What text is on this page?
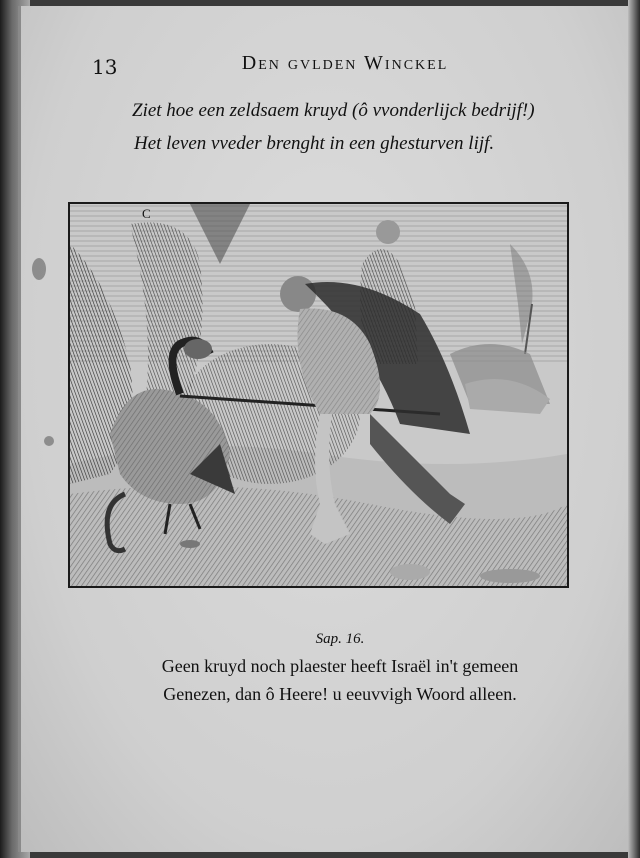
13	Den gvlden Winckel
Ziet hoe een zeldsaem kruyd (ô vvonderlijck bedrijf!)
Het leven vveder brenght in een ghesturven lijf.
C
Sap. 16.
Geen kruyd noch plaester heeft Israël in't gemeen
Genezen, dan ô Heere! u eeuvvigh Woord alleen.
